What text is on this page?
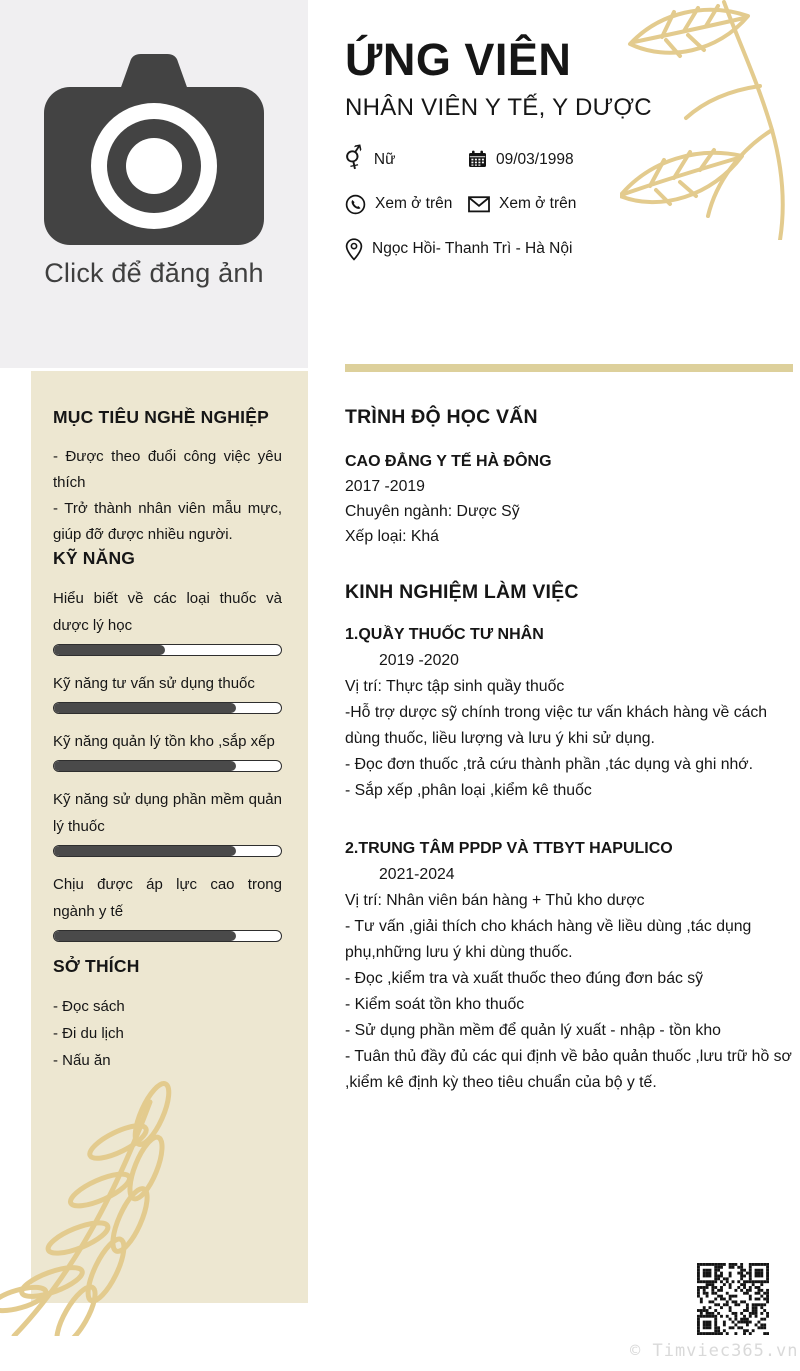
Click để đăng ảnh
MỤC TIÊU NGHỀ NGHIỆP
- Được theo đuổi công việc yêu thích
- Trở thành nhân viên mẫu mực, giúp đỡ được nhiều người.
KỸ NĂNG
Hiểu biết về các loại thuốc và dược lý học
Kỹ năng tư vấn sử dụng thuốc
Kỹ năng quản lý tồn kho ,sắp xếp
Kỹ năng sử dụng phần mềm quản lý thuốc
Chịu được áp lực cao trong ngành y tế
SỞ THÍCH
- Đọc sách
- Đi du lịch
- Nấu ăn
ỨNG VIÊN
NHÂN VIÊN Y TẾ, Y DƯỢC
⚥ Nữ	09/03/1998
Xem ở trên	Xem ở trên
Ngọc Hồi- Thanh Trì - Hà Nội
TRÌNH ĐỘ HỌC VẤN
CAO ĐẲNG Y TẾ HÀ ĐÔNG
2017 -2019
Chuyên ngành: Dược Sỹ
Xếp loại: Khá
KINH NGHIỆM LÀM VIỆC
1.QUẦY THUỐC TƯ NHÂN
2019 -2020
Vị trí: Thực tập sinh quầy thuốc
-Hỗ trợ dược sỹ chính trong việc tư vấn khách hàng về cách dùng thuốc, liều lượng và lưu ý khi sử dụng.
- Đọc đơn thuốc ,trả cứu thành phần ,tác dụng và ghi nhớ.
- Sắp xếp ,phân loại ,kiểm kê thuốc
2.TRUNG TÂM PPDP VÀ TTBYT HAPULICO
2021-2024
Vị trí: Nhân viên bán hàng + Thủ kho dược
- Tư vấn ,giải thích cho khách hàng về liều dùng ,tác dụng phụ,những lưu ý khi dùng thuốc.
- Đọc ,kiểm tra và xuất thuốc theo đúng đơn bác sỹ
- Kiểm soát tồn kho thuốc
- Sử dụng phần mềm để quản lý xuất - nhập - tồn kho
- Tuân thủ đầy đủ các qui định về bảo quản thuốc ,lưu trữ hồ sơ ,kiểm kê định kỳ theo tiêu chuẩn của bộ y tế.
© Timviec365.vn
